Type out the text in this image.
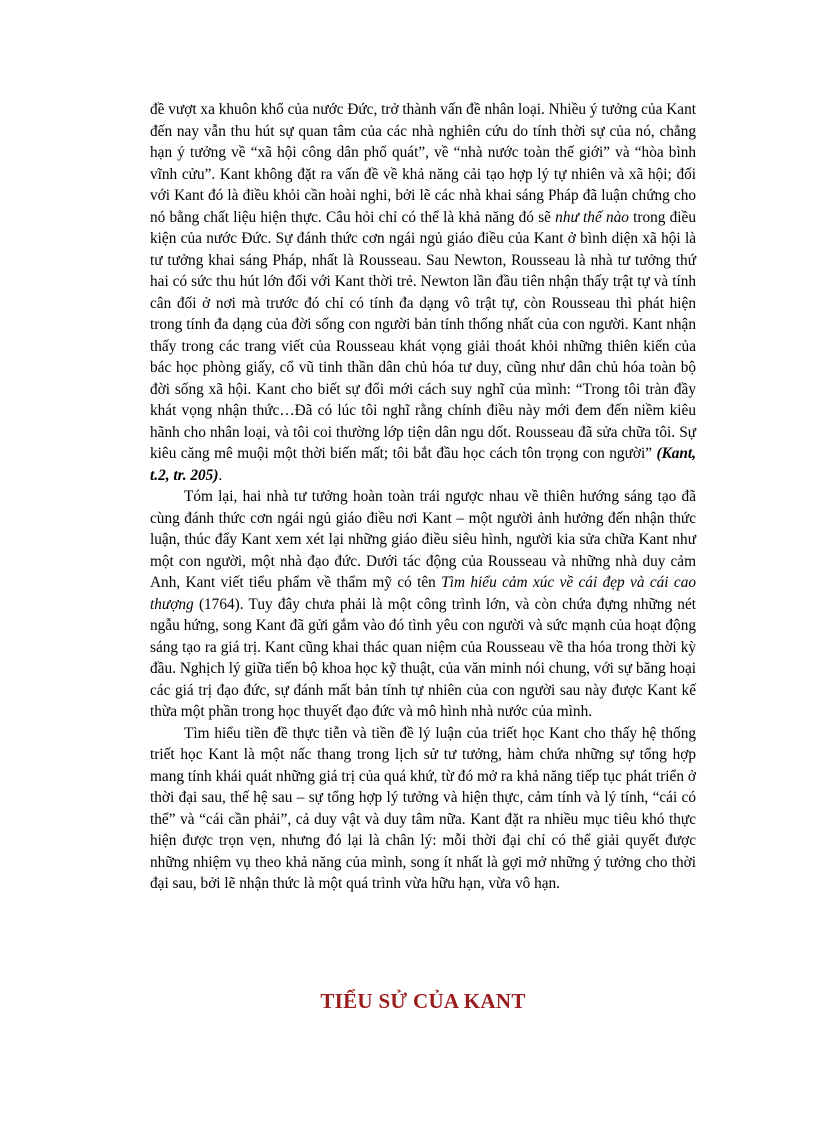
đề vượt xa khuôn khổ của nước Đức, trở thành vấn đề nhân loại. Nhiều ý tưởng của Kant đến nay vẫn thu hút sự quan tâm của các nhà nghiên cứu do tính thời sự của nó, chẳng hạn ý tưởng về “xã hội công dân phổ quát”, về “nhà nước toàn thế giới” và “hòa bình vĩnh cửu”. Kant không đặt ra vấn đề về khả năng cải tạo hợp lý tự nhiên và xã hội; đối với Kant đó là điều khỏi cần hoài nghi, bởi lẽ các nhà khai sáng Pháp đã luận chứng cho nó bằng chất liệu hiện thực. Câu hỏi chỉ có thể là khả năng đó sẽ như thế nào trong điều kiện của nước Đức. Sự đánh thức cơn ngái ngủ giáo điều của Kant ở bình diện xã hội là tư tưởng khai sáng Pháp, nhất là Rousseau. Sau Newton, Rousseau là nhà tư tưởng thứ hai có sức thu hút lớn đối với Kant thời trẻ. Newton lần đầu tiên nhận thấy trật tự và tính cân đối ở nơi mà trước đó chỉ có tính đa dạng vô trật tự, còn Rousseau thì phát hiện trong tính đa dạng của đời sống con người bản tính thống nhất của con người. Kant nhận thấy trong các trang viết của Rousseau khát vọng giải thoát khỏi những thiên kiến của bác học phòng giấy, cổ vũ tinh thần dân chủ hóa tư duy, cũng như dân chủ hóa toàn bộ đời sống xã hội. Kant cho biết sự đổi mới cách suy nghĩ của mình: “Trong tôi tràn đầy khát vọng nhận thức…Đã có lúc tôi nghĩ rằng chính điều này mới đem đến niềm kiêu hãnh cho nhân loại, và tôi coi thường lớp tiện dân ngu dốt. Rousseau đã sửa chữa tôi. Sự kiêu căng mê muội một thời biến mất; tôi bắt đầu học cách tôn trọng con người” (Kant, t.2, tr. 205).

Tóm lại, hai nhà tư tưởng hoàn toàn trái ngược nhau về thiên hướng sáng tạo đã cùng đánh thức cơn ngái ngủ giáo điều nơi Kant – một người ảnh hưởng đến nhận thức luận, thúc đẩy Kant xem xét lại những giáo điều siêu hình, người kia sửa chữa Kant như một con người, một nhà đạo đức. Dưới tác động của Rousseau và những nhà duy cảm Anh, Kant viết tiểu phẩm về thẩm mỹ có tên Tìm hiểu cảm xúc về cái đẹp và cái cao thượng (1764). Tuy đây chưa phải là một công trình lớn, và còn chứa đựng những nét ngẫu hứng, song Kant đã gửi gắm vào đó tình yêu con người và sức mạnh của hoạt động sáng tạo ra giá trị. Kant cũng khai thác quan niệm của Rousseau về tha hóa trong thời kỳ đầu. Nghịch lý giữa tiến bộ khoa học kỹ thuật, của văn minh nói chung, với sự băng hoại các giá trị đạo đức, sự đánh mất bản tính tự nhiên của con người sau này được Kant kế thừa một phần trong học thuyết đạo đức và mô hình nhà nước của mình.

Tìm hiểu tiền đề thực tiễn và tiền đề lý luận của triết học Kant cho thấy hệ thống triết học Kant là một nấc thang trong lịch sử tư tưởng, hàm chứa những sự tổng hợp mang tính khái quát những giá trị của quá khứ, từ đó mở ra khả năng tiếp tục phát triển ở thời đại sau, thế hệ sau – sự tổng hợp lý tưởng và hiện thực, cảm tính và lý tính, “cái có thể” và “cái cần phải”, cả duy vật và duy tâm nữa. Kant đặt ra nhiều mục tiêu khó thực hiện được trọn vẹn, nhưng đó lại là chân lý: mỗi thời đại chỉ có thể giải quyết được những nhiệm vụ theo khả năng của mình, song ít nhất là gợi mở những ý tưởng cho thời đại sau, bởi lẽ nhận thức là một quá trình vừa hữu hạn, vừa vô hạn.

TIỂU SỬ CỦA KANT
